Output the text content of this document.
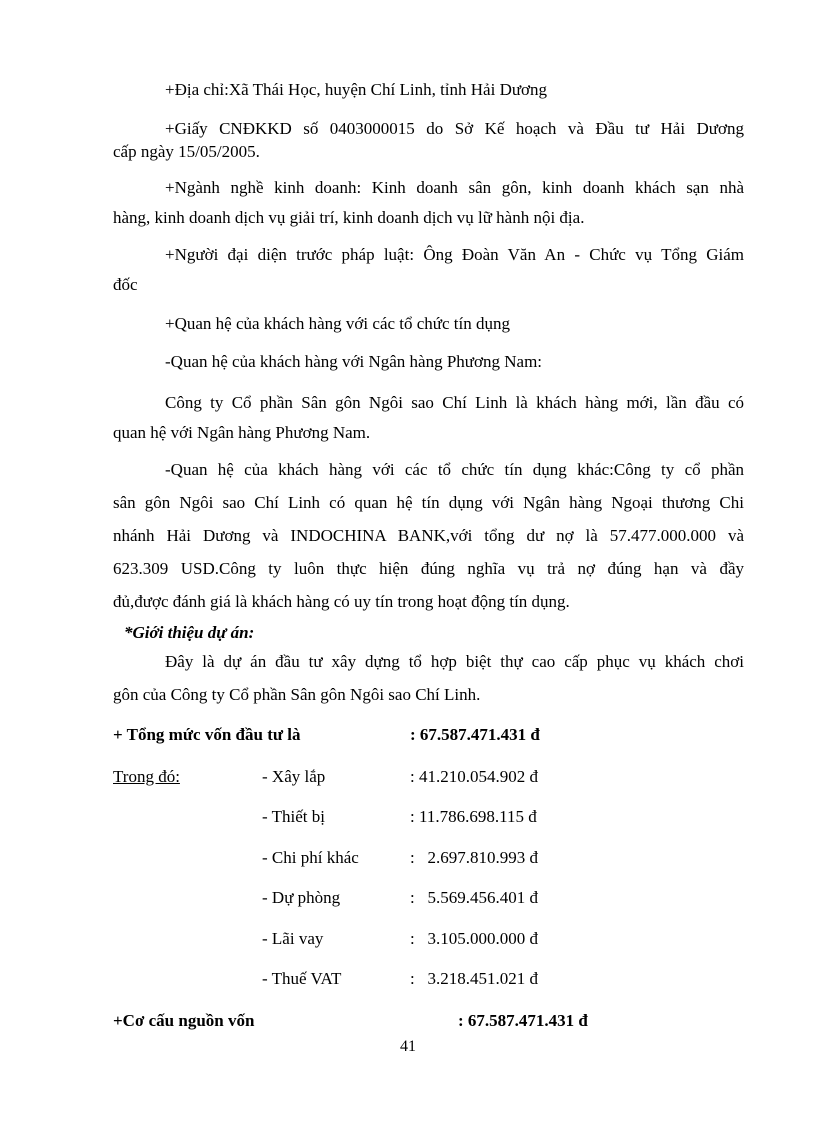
+Địa chỉ:Xã Thái Học, huyện Chí Linh, tỉnh Hải Dương
+Giấy CNĐKKD số 0403000015 do Sở Kế hoạch và Đầu tư Hải Dương
cấp ngày 15/05/2005.
+Ngành nghề kinh doanh: Kinh doanh sân gôn, kinh doanh khách sạn nhà
hàng, kinh doanh dịch vụ giải trí, kinh doanh dịch vụ lữ hành nội địa.
+Người đại diện trước pháp luật: Ông Đoàn Văn An - Chức vụ Tổng Giám
đốc
+Quan hệ của khách hàng với các tổ chức tín dụng
-Quan hệ của khách hàng với Ngân hàng Phương Nam:
Công ty Cổ phần Sân gôn Ngôi sao Chí Linh là khách hàng mới, lần đầu có
quan hệ với Ngân hàng Phương Nam.
-Quan hệ của khách hàng với các tổ chức tín dụng khác:Công ty cổ phần
sân gôn Ngôi sao Chí Linh có quan hệ tín dụng với Ngân hàng Ngoại thương Chi
nhánh Hải Dương và INDOCHINA BANK,với tổng dư nợ là 57.477.000.000 và
623.309 USD.Công ty luôn thực hiện đúng nghĩa vụ trả nợ đúng hạn và đầy
đủ,được đánh giá là khách hàng có uy tín trong hoạt động tín dụng.
*Giới thiệu dự án:
Đây là dự án đầu tư xây dựng tổ hợp biệt thự cao cấp phục vụ khách chơi
gôn của Công ty Cổ phần Sân gôn Ngôi sao Chí Linh.
+ Tổng mức vốn đầu tư là	: 67.587.471.431 đ
Trong đó:	- Xây lắp	: 41.210.054.902 đ
- Thiết bị	: 11.786.698.115 đ
- Chi phí khác	:   2.697.810.993 đ
- Dự phòng	:   5.569.456.401 đ
- Lãi vay	:   3.105.000.000 đ
- Thuế VAT	:   3.218.451.021 đ
+Cơ cấu nguồn vốn	: 67.587.471.431 đ
41
